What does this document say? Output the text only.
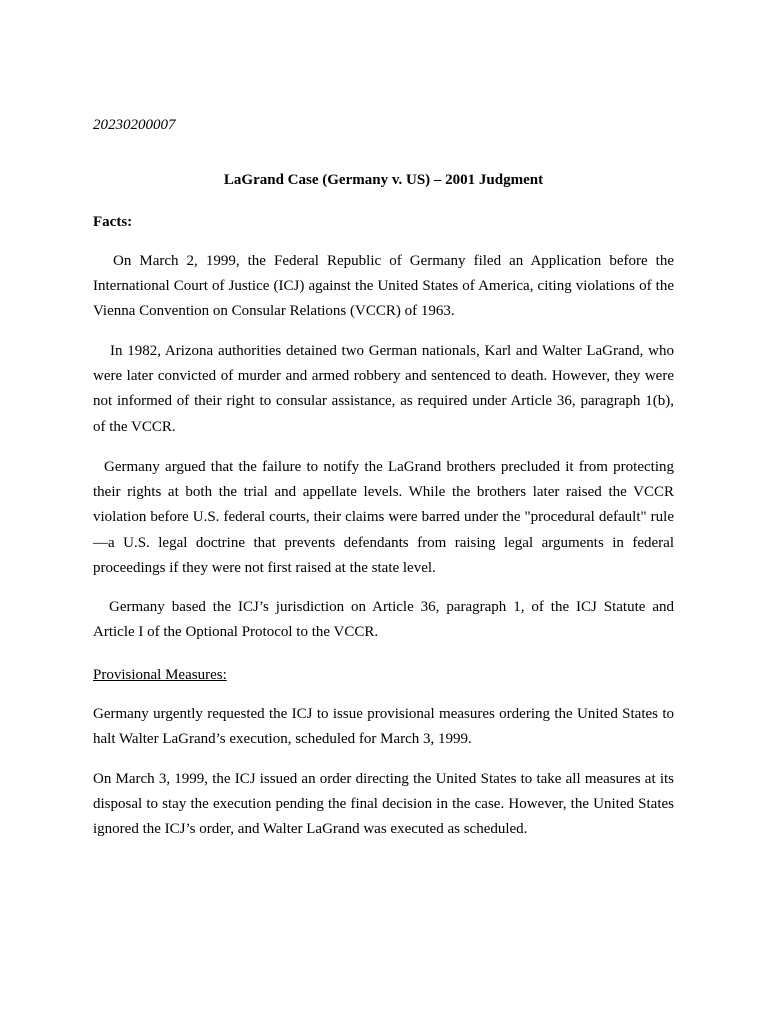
20230200007
LaGrand Case (Germany v. US) – 2001 Judgment
Facts:

On March 2, 1999, the Federal Republic of Germany filed an Application before the International Court of Justice (ICJ) against the United States of America, citing violations of the Vienna Convention on Consular Relations (VCCR) of 1963.

In 1982, Arizona authorities detained two German nationals, Karl and Walter LaGrand, who were later convicted of murder and armed robbery and sentenced to death. However, they were not informed of their right to consular assistance, as required under Article 36, paragraph 1(b), of the VCCR.

Germany argued that the failure to notify the LaGrand brothers precluded it from protecting their rights at both the trial and appellate levels. While the brothers later raised the VCCR violation before U.S. federal courts, their claims were barred under the "procedural default" rule—a U.S. legal doctrine that prevents defendants from raising legal arguments in federal proceedings if they were not first raised at the state level.

Germany based the ICJ’s jurisdiction on Article 36, paragraph 1, of the ICJ Statute and Article I of the Optional Protocol to the VCCR.

Provisional Measures:

Germany urgently requested the ICJ to issue provisional measures ordering the United States to halt Walter LaGrand’s execution, scheduled for March 3, 1999.

On March 3, 1999, the ICJ issued an order directing the United States to take all measures at its disposal to stay the execution pending the final decision in the case. However, the United States ignored the ICJ’s order, and Walter LaGrand was executed as scheduled.
